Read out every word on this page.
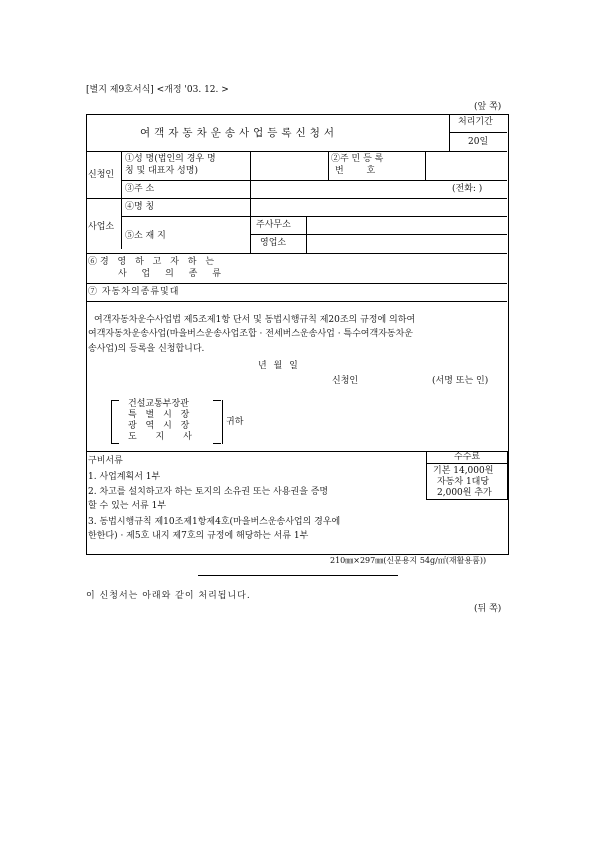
[별지 제9호서식] <개정 '03. 12. >
(앞 쪽)
여객자동차운송사업등록신청서
처리기간
20일
신청인
①성 명(법인의 경우 명
칭 및 대표자 성명)
②주 민 등 록
번 호
③주 소	(전화: )
사업소
④명 칭
⑤소 재 지
주사무소
영업소
⑥경 영 하 고 자 하 는
사 업 의 종 류
⑦ 자동차의종류및대
여객자동차운수사업법 제5조제1항 단서 및 동법시행규칙 제20조의 규정에 의하여
여객자동차운송사업(마을버스운송사업조합 · 전세버스운송사업 · 특수여객자동차운
송사업)의 등록을 신청합니다.
년 월 일
신청인	(서명 또는 인)
건설교통부장관
특 별 시 장
광 역 시 장
도 지 사
귀하
구비서류
1. 사업계획서 1부
2. 차고를 설치하고자 하는 토지의 소유권 또는 사용권을 증명
할 수 있는 서류 1부
3. 동법시행규칙 제10조제1항제4호(마을버스운송사업의 경우에
한한다) · 제5호 내지 제7호의 규정에 해당하는 서류 1부
수수료
기본 14,000원
자동차 1대당
2,000원 추가
210㎜×297㎜(신문용지 54g/㎡(재활용품))
이 신청서는 아래와 같이 처리됩니다.
(뒤 쪽)
